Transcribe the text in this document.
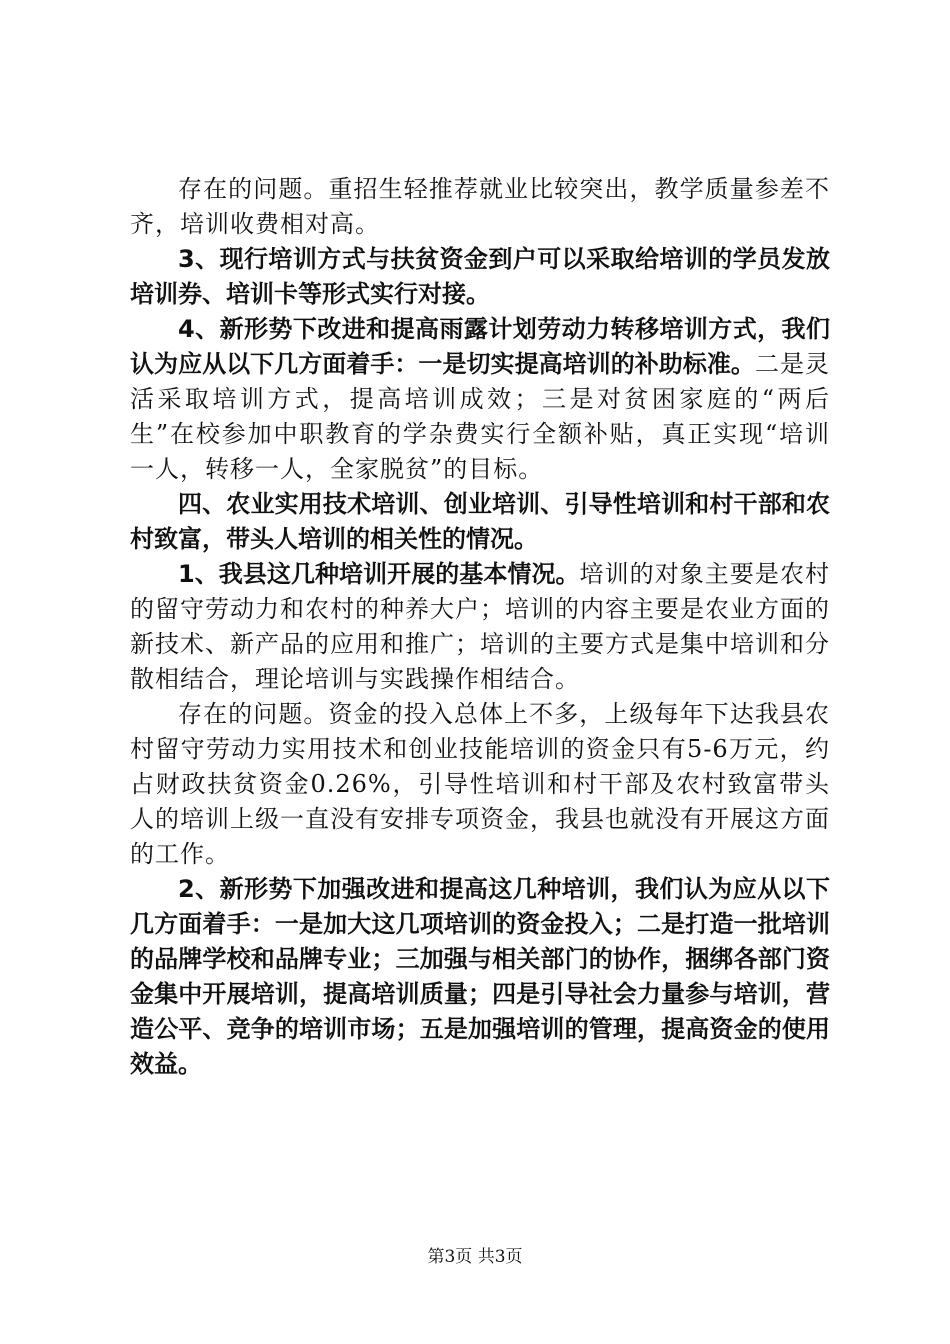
存在的问题。重招生轻推荐就业比较突出，教学质量参差不齐，培训收费相对高。

3、现行培训方式与扶贫资金到户可以采取给培训的学员发放培训券、培训卡等形式实行对接。

4、新形势下改进和提高雨露计划劳动力转移培训方式，我们认为应从以下几方面着手：一是切实提高培训的补助标准。二是灵活采取培训方式，提高培训成效；三是对贫困家庭的“两后生”在校参加中职教育的学杂费实行全额补贴，真正实现“培训一人，转移一人，全家脱贫”的目标。

四、农业实用技术培训、创业培训、引导性培训和村干部和农村致富，带头人培训的相关性的情况。

1、我县这几种培训开展的基本情况。培训的对象主要是农村的留守劳动力和农村的种养大户；培训的内容主要是农业方面的新技术、新产品的应用和推广；培训的主要方式是集中培训和分散相结合，理论培训与实践操作相结合。

存在的问题。资金的投入总体上不多，上级每年下达我县农村留守劳动力实用技术和创业技能培训的资金只有5-6万元，约占财政扶贫资金0.26%，引导性培训和村干部及农村致富带头人的培训上级一直没有安排专项资金，我县也就没有开展这方面的工作。

2、新形势下加强改进和提高这几种培训，我们认为应从以下几方面着手：一是加大这几项培训的资金投入；二是打造一批培训的品牌学校和品牌专业；三加强与相关部门的协作，捆绑各部门资金集中开展培训，提高培训质量；四是引导社会力量参与培训，营造公平、竞争的培训市场；五是加强培训的管理，提高资金的使用效益。

第3页 共3页
